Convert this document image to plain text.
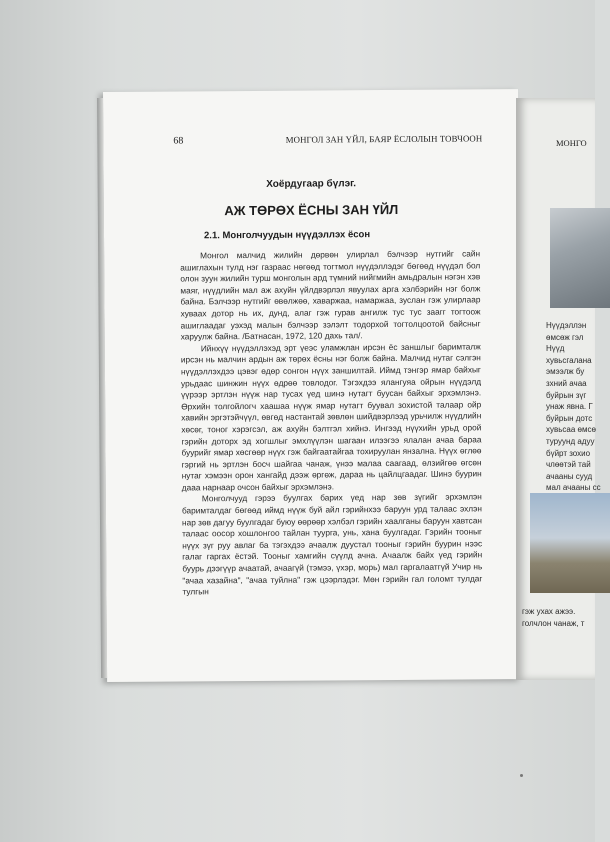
68	МОНГОЛ ЗАН ҮЙЛ, БАЯР ЁСЛОЛЫН ТОВЧООН
Хоёрдугаар бүлэг.
АЖ ТӨРӨХ ЁСНЫ ЗАН ҮЙЛ
2.1. Монголчуудын нүүдэллэх ёсон

Монгол малчид жилийн дөрвөн улирлал бэлчээр нутгийг сайн ашиглахын тулд нэг газраас нөгөөд тогтмол нүүдэллэдэг бөгөөд нүүдэл бол олон зуун жилийн турш монголын ард түмний нийгмийн амьдралын нэгэн хэв маяг, нүүдлийн мал аж ахуйн үйлдвэрлэл явуулах арга хэлбэрийн нэг болж байна. Бэлчээр нутгийг өвөлжөө, хаваржаа, намаржаа, зуслан гэж улирлаар хуваах дотор нь их, дунд, алаг гэж гурав ангилж тус тус заагг тогтоож ашиглаадаг уэхэд малын бэлчээр зэлэлт тодорхой тогтолцоотой байсныг харуулж байна. /Батнасан, 1972, 120 дахь тал/.

Ийнхүү нүүдэллэхэд эрт үеэс уламжлан ирсэн ёс заншлыг баримталж ирсэн нь малчин ардын аж төрөх ёсны нэг болж байна. Малчид нутаг сэлгэн нүүдэллэхдээ цэвэг өдөр сонгон нүүх заншилтай. Иймд тэнгэр ямар байхыг урьдаас шинжин нүүх өдрөө товлодог. Тэгэхдээ ялангуяа ойрын нүүдэлд үүрээр эртлэн нүүж нар тусах үед шинэ нутагт буусан байхыг эрхэмлэнэ. Өрхийн толгойлогч хаашаа нүүж ямар нутагт буувал зохистой талаар ойр хавийн эргэтэйчүүл, өвгөд настантай зөвлөн шийдвэрлээд урьчилж нүүдлийн хөсөг, тоног хэрэгсэл, аж ахуйн бэлтгэл хийнэ. Ингээд нүүхийн урьд орой гэрийн доторх эд хогшлыг эмхлүүлэн шагаан илээгээ ялалан ачаа бараа буурийг ямар хөсгөөр нүүх гэж байгаатайгаа тохируулан янзална. Нүүх өглөө гэргий нь эртлэн босч шайгаа чанаж, үнээ малаа саагаад, өлзийгөө өгсөн нутаг хэмээн орон хангайд дээж өргөж, дараа нь цайлцгаадаг. Шинэ буурин дааа нарнаар очсон байхыг эрхэмлэнэ.

Монголчууд гэрээ буулгах барих үед нар зөв зүгийг эрхэмлэн баримталдаг бөгөөд иймд нүүж буй айл гэрийнхээ баруун урд талаас эхлэн нар зөв дагуу буулгадаг буюу өөрөөр хэлбэл гэрийн хаалганы баруун хавтсан талаас оосор хошлонгоо тайлан туурга, унь, хана буулгадаг. Гэрийн тооныг нүүх зүг руу авлаг ба тэгэхдээ ачаалж дуустал тооныг гэрийн буурин нээс галаг гаргах ёстэй. Тооныг хамгийн сүүлд ачна. Ачаалж байх үед гэрийн буурь дээгүүр ачаатай, ачаагүй (тэмээ, үхэр, морь) мал гаргалаатгүй Учир нь "ачаа хазайна", "ачаа туйлна" гэж цээрлэдэг. Мөн гэрийн гал голомт тулдаг тулгын

МОНГО
Нүүдэллэн
өмсөж гэл
Нүүд
хувьсгалана
эмээлж бу
зхний ачаа
буйрын зүг
унаж явна. Г
буйрын дотс
хувьсаа өмсө
туруунд адуу
бүйрт зохио
члөөтэй тай
ачааны сууд
мал ачааны сс
гэж ухах ажээ.
голчлон чанаж, т
